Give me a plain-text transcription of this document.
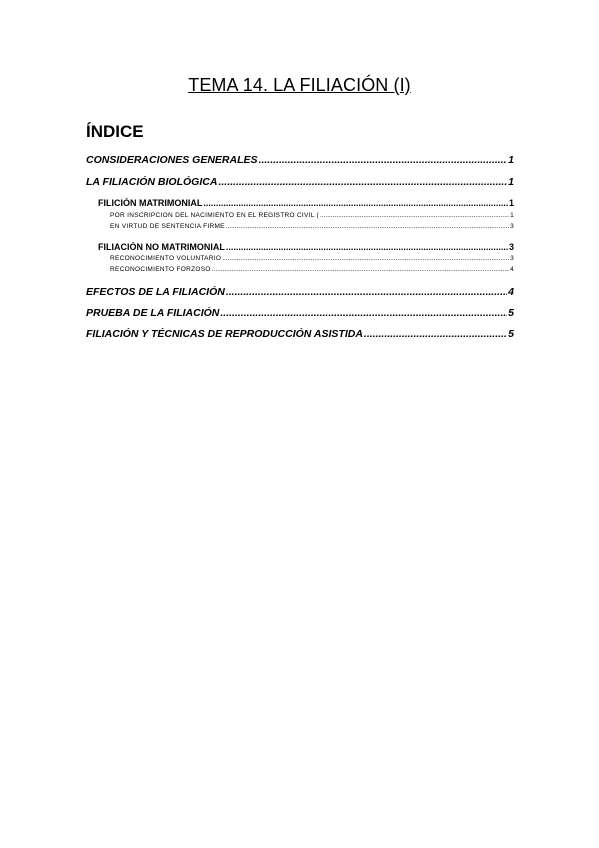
TEMA 14. LA FILIACIÓN (I)
ÍNDICE
CONSIDERACIONES GENERALES .....	1
LA FILIACIÓN BIOLÓGICA .....	1
FILICIÓN MATRIMONIAL .....	1
POR INSCRIPCIÓN DEL NACIMIENTO EN EL REGISTRO CIVIL ( .....	1
EN VIRTUD DE SENTENCIA FIRME .....	3
FILIACIÓN NO MATRIMONIAL .....	3
RECONOCIMIENTO VOLUNTARIO .....	3
RECONOCIMIENTO FORZOSO .....	4
EFECTOS DE LA FILIACIÓN .....	4
PRUEBA DE LA FILIACIÓN .....	5
FILIACIÓN Y TÉCNICAS DE REPRODUCCIÓN ASISTIDA .....	5
